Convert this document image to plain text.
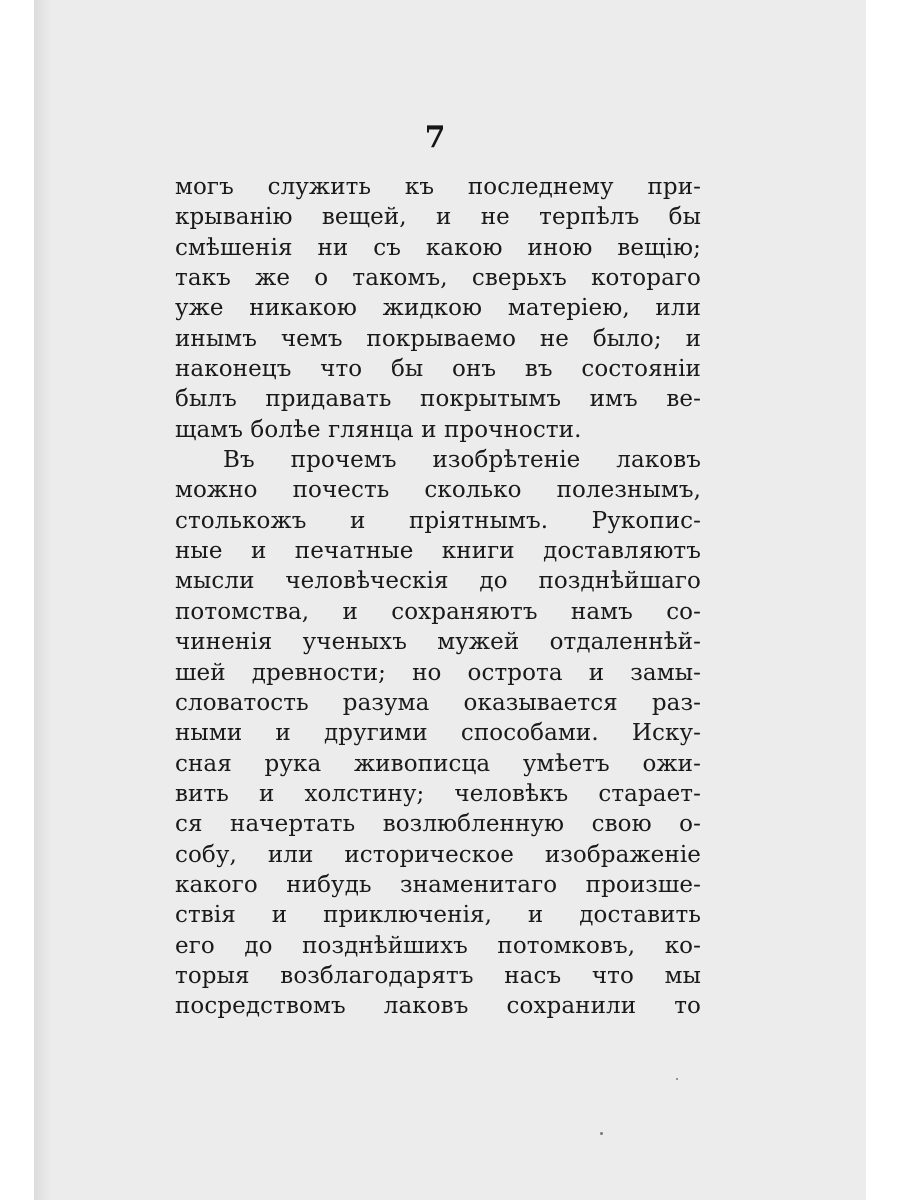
7
могъ служить къ последнему при-
крыванію вещей, и не терпѣлъ бы
смѣшенія ни съ какою иною вещію;
такъ же о такомъ, сверьхъ котораго
уже никакою жидкою матеріею, или
инымъ чемъ покрываемо не было; и
наконецъ что бы онъ въ состояніи
былъ придавать покрытымъ имъ ве-
щамъ болѣе глянца и прочности.
Въ прочемъ изобрѣтеніе лаковъ
можно почесть сколько полезнымъ,
столькожъ и пріятнымъ. Рукопис-
ные и печатные книги доставляютъ
мысли человѣческія до позднѣйшаго
потомства, и сохраняютъ намъ со-
чиненія ученыхъ мужей отдаленнѣй-
шей древности; но острота и замы-
словатость разума оказывается раз-
ными и другими способами. Иску-
сная рука живописца умѣетъ ожи-
вить и холстину; человѣкъ старает-
ся начертать возлюбленную свою о-
собу, или историческое изображеніе
какого нибудь знаменитаго произше-
ствія и приключенія, и доставить
его до позднѣйшихъ потомковъ, ко-
торыя возблагодарятъ насъ что мы
посредствомъ лаковъ сохранили то
